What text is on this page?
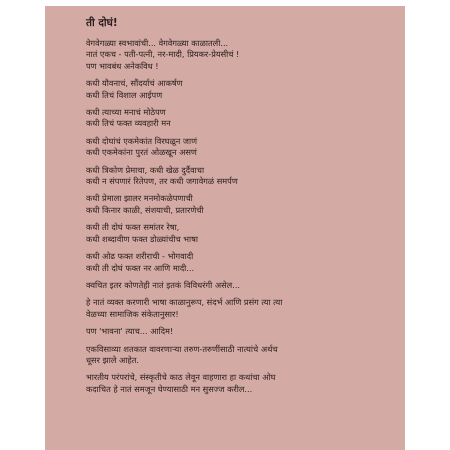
ती दोघं!
वेगवेगळ्या स्वभावांची... वेगवेगळ्या काळातली...
नातं एकच - पती-पत्नी, नर-मादी, प्रियकर-प्रेयसीचं !
पण भावबंध अनेकविध !
कधी यौवनाचं, सौंदर्याचं आकर्षण
कधी तिचं विशाल आईपण
कधी त्याच्या मनाचं मोठेपण
कधी तिचं फक्त व्यवहारी मन
कधी दोघांचं एकमेकांत विरघळून जाणं
कधी एकमेकांना पुरतं ओळखून असणं
कधी त्रिकोण प्रेमाचा, कधी खेळ दुर्दैवाचा
कधी न संपणारं रितेपण, तर कधी जगावेगळं समर्पण
कधी प्रेमाला झालर मनमोकळेपणाची
कधी किनार काळी, संशयाची, प्रतारणेची
कधी ती दोघं फक्त समांतर रेषा,
कधी शब्दावीण फक्त डोळ्यांचीच भाषा
कधी ओढ फक्त शरीराची - भोगवादी
कधी ती दोघं फक्त नर आणि मादी...
क्वचित इतर कोणतेही नातं इतकं विविधरंगी असेल...
हे नातं व्यक्त करणारी भाषा काळानुरूप, संदर्भ आणि प्रसंग त्या त्या
वेळच्या सामाजिक संकेतानुसार!
पण 'भावना' त्याच... आदिम!
एकविसाव्या शतकात वावरणाऱ्या तरुण-तरुणींसाठी नात्यांचे अर्थच
धूसर झाले आहेत.
भारतीय परंपरांचे, संस्कृतीचे काठ लेवून वाहणारा हा कथांचा ओघ
कदाचित हे नातं समजून घेण्यासाठी मन सुसज्ज करील...
